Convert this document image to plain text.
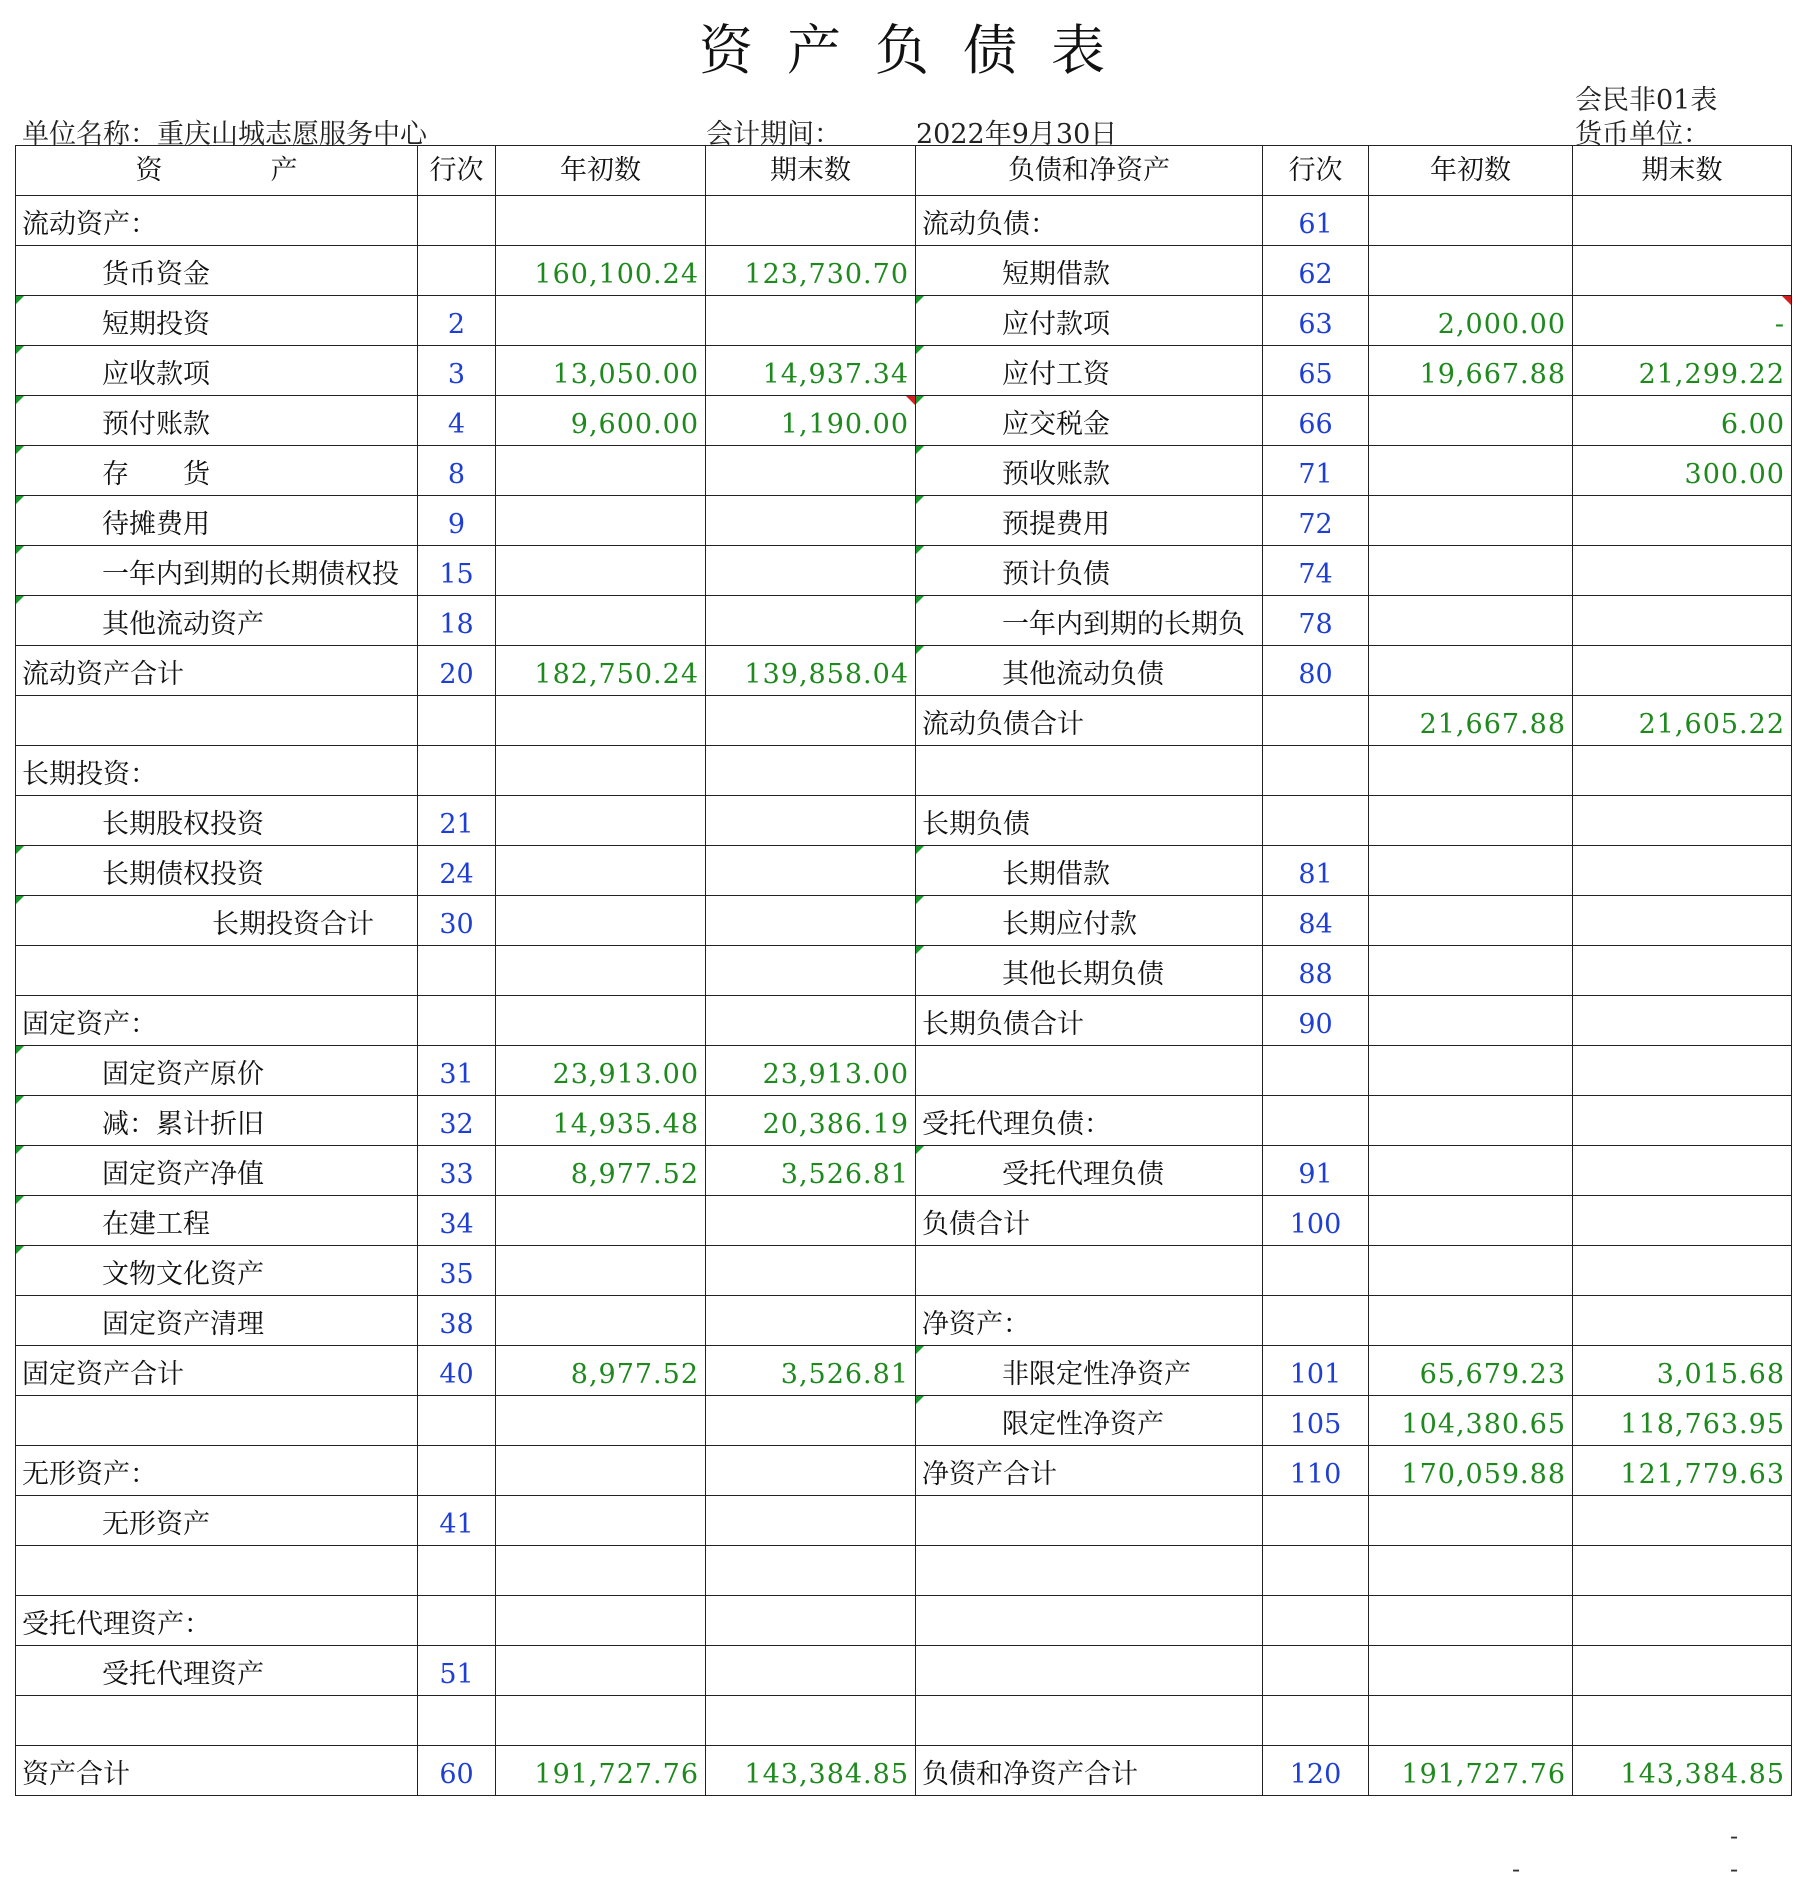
资产负债表
会民非01表
单位名称：重庆山城志愿服务中心	会计期间：	2022年9月30日	货币单位：
资　　　　产	行次	年初数	期末数	负债和净资产	行次	年初数	期末数
流动资产：				流动负债：	61		
货币资金		160,100.24	123,730.70	短期借款	62		
短期投资	2			应付款项	63	2,000.00	-

应收款项	3	13,050.00	14,937.34	应付工资	65	19,667.88	21,299.22
预付账款	4	9,600.00	1,190.00	应交税金	66		6.00
存　　货	8			预收账款	71		300.00
待摊费用	9			预提费用	72		
一年内到期的长期债权投	15			预计负债	74		
其他流动资产	18			一年内到期的长期负	78		
流动资产合计	20	182,750.24	139,858.04	其他流动负债	80		
				流动负债合计		21,667.88	21,605.22
长期投资：							
长期股权投资	21			长期负债			
长期债权投资	24			长期借款	81		
长期投资合计	30			长期应付款	84		
				其他长期负债	88		
固定资产：				长期负债合计	90		
固定资产原价	31	23,913.00	23,913.00				
减：累计折旧	32	14,935.48	20,386.19	受托代理负债：			
固定资产净值	33	8,977.52	3,526.81	受托代理负债	91		
在建工程	34			负债合计	100		
文物文化资产	35						
固定资产清理	38			净资产：			
固定资产合计	40	8,977.52	3,526.81	非限定性净资产	101	65,679.23	3,015.68
				限定性净资产	105	104,380.65	118,763.95
无形资产：				净资产合计	110	170,059.88	121,779.63
无形资产	41						

受托代理资产：							
受托代理资产	51						

资产合计	60	191,727.76	143,384.85	负债和净资产合计	120	191,727.76	143,384.85
-
-	-
